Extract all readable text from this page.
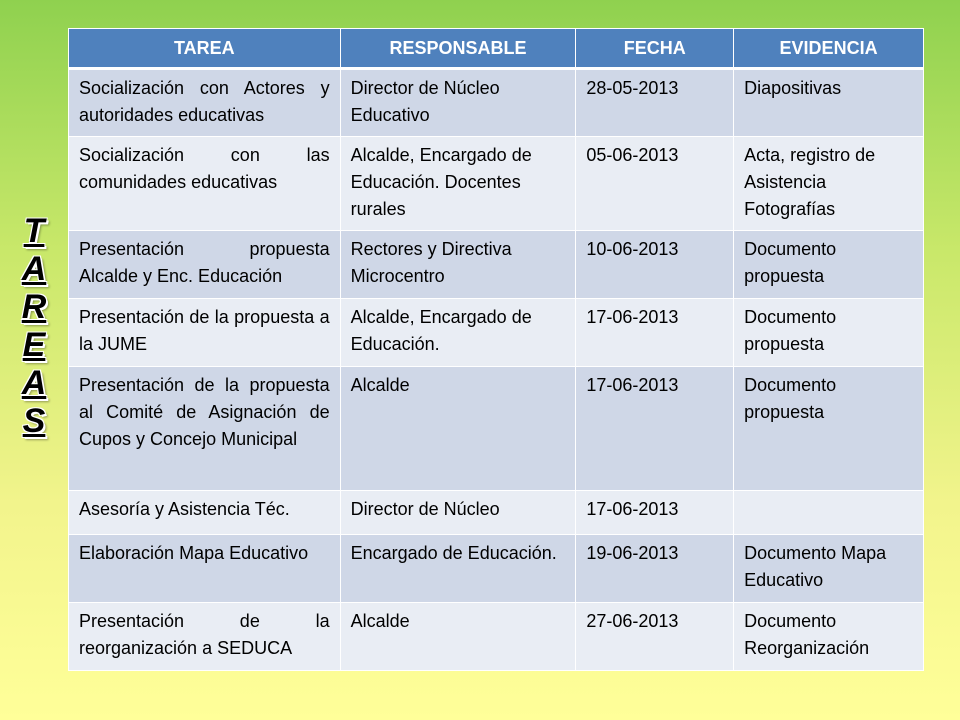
T
A
R
E
A
S
TAREA	RESPONSABLE	FECHA	EVIDENCIA
Socialización con Actores y autoridades educativas	Director de Núcleo Educativo	28-05-2013	Diapositivas
Socialización con las comunidades educativas	Alcalde, Encargado de Educación. Docentes rurales	05-06-2013	Acta, registro de Asistencia Fotografías
Presentación propuesta Alcalde y Enc. Educación	Rectores y Directiva Microcentro	10-06-2013	Documento propuesta
Presentación de la propuesta a la JUME	Alcalde, Encargado de Educación.	17-06-2013	Documento propuesta
Presentación de la propuesta al Comité de Asignación de Cupos y Concejo Municipal	Alcalde	17-06-2013	Documento propuesta
Asesoría y Asistencia Téc.	Director de Núcleo	17-06-2013	
Elaboración Mapa Educativo	Encargado de Educación.	19-06-2013	Documento Mapa Educativo
Presentación de la reorganización a SEDUCA	Alcalde	27-06-2013	Documento Reorganización
